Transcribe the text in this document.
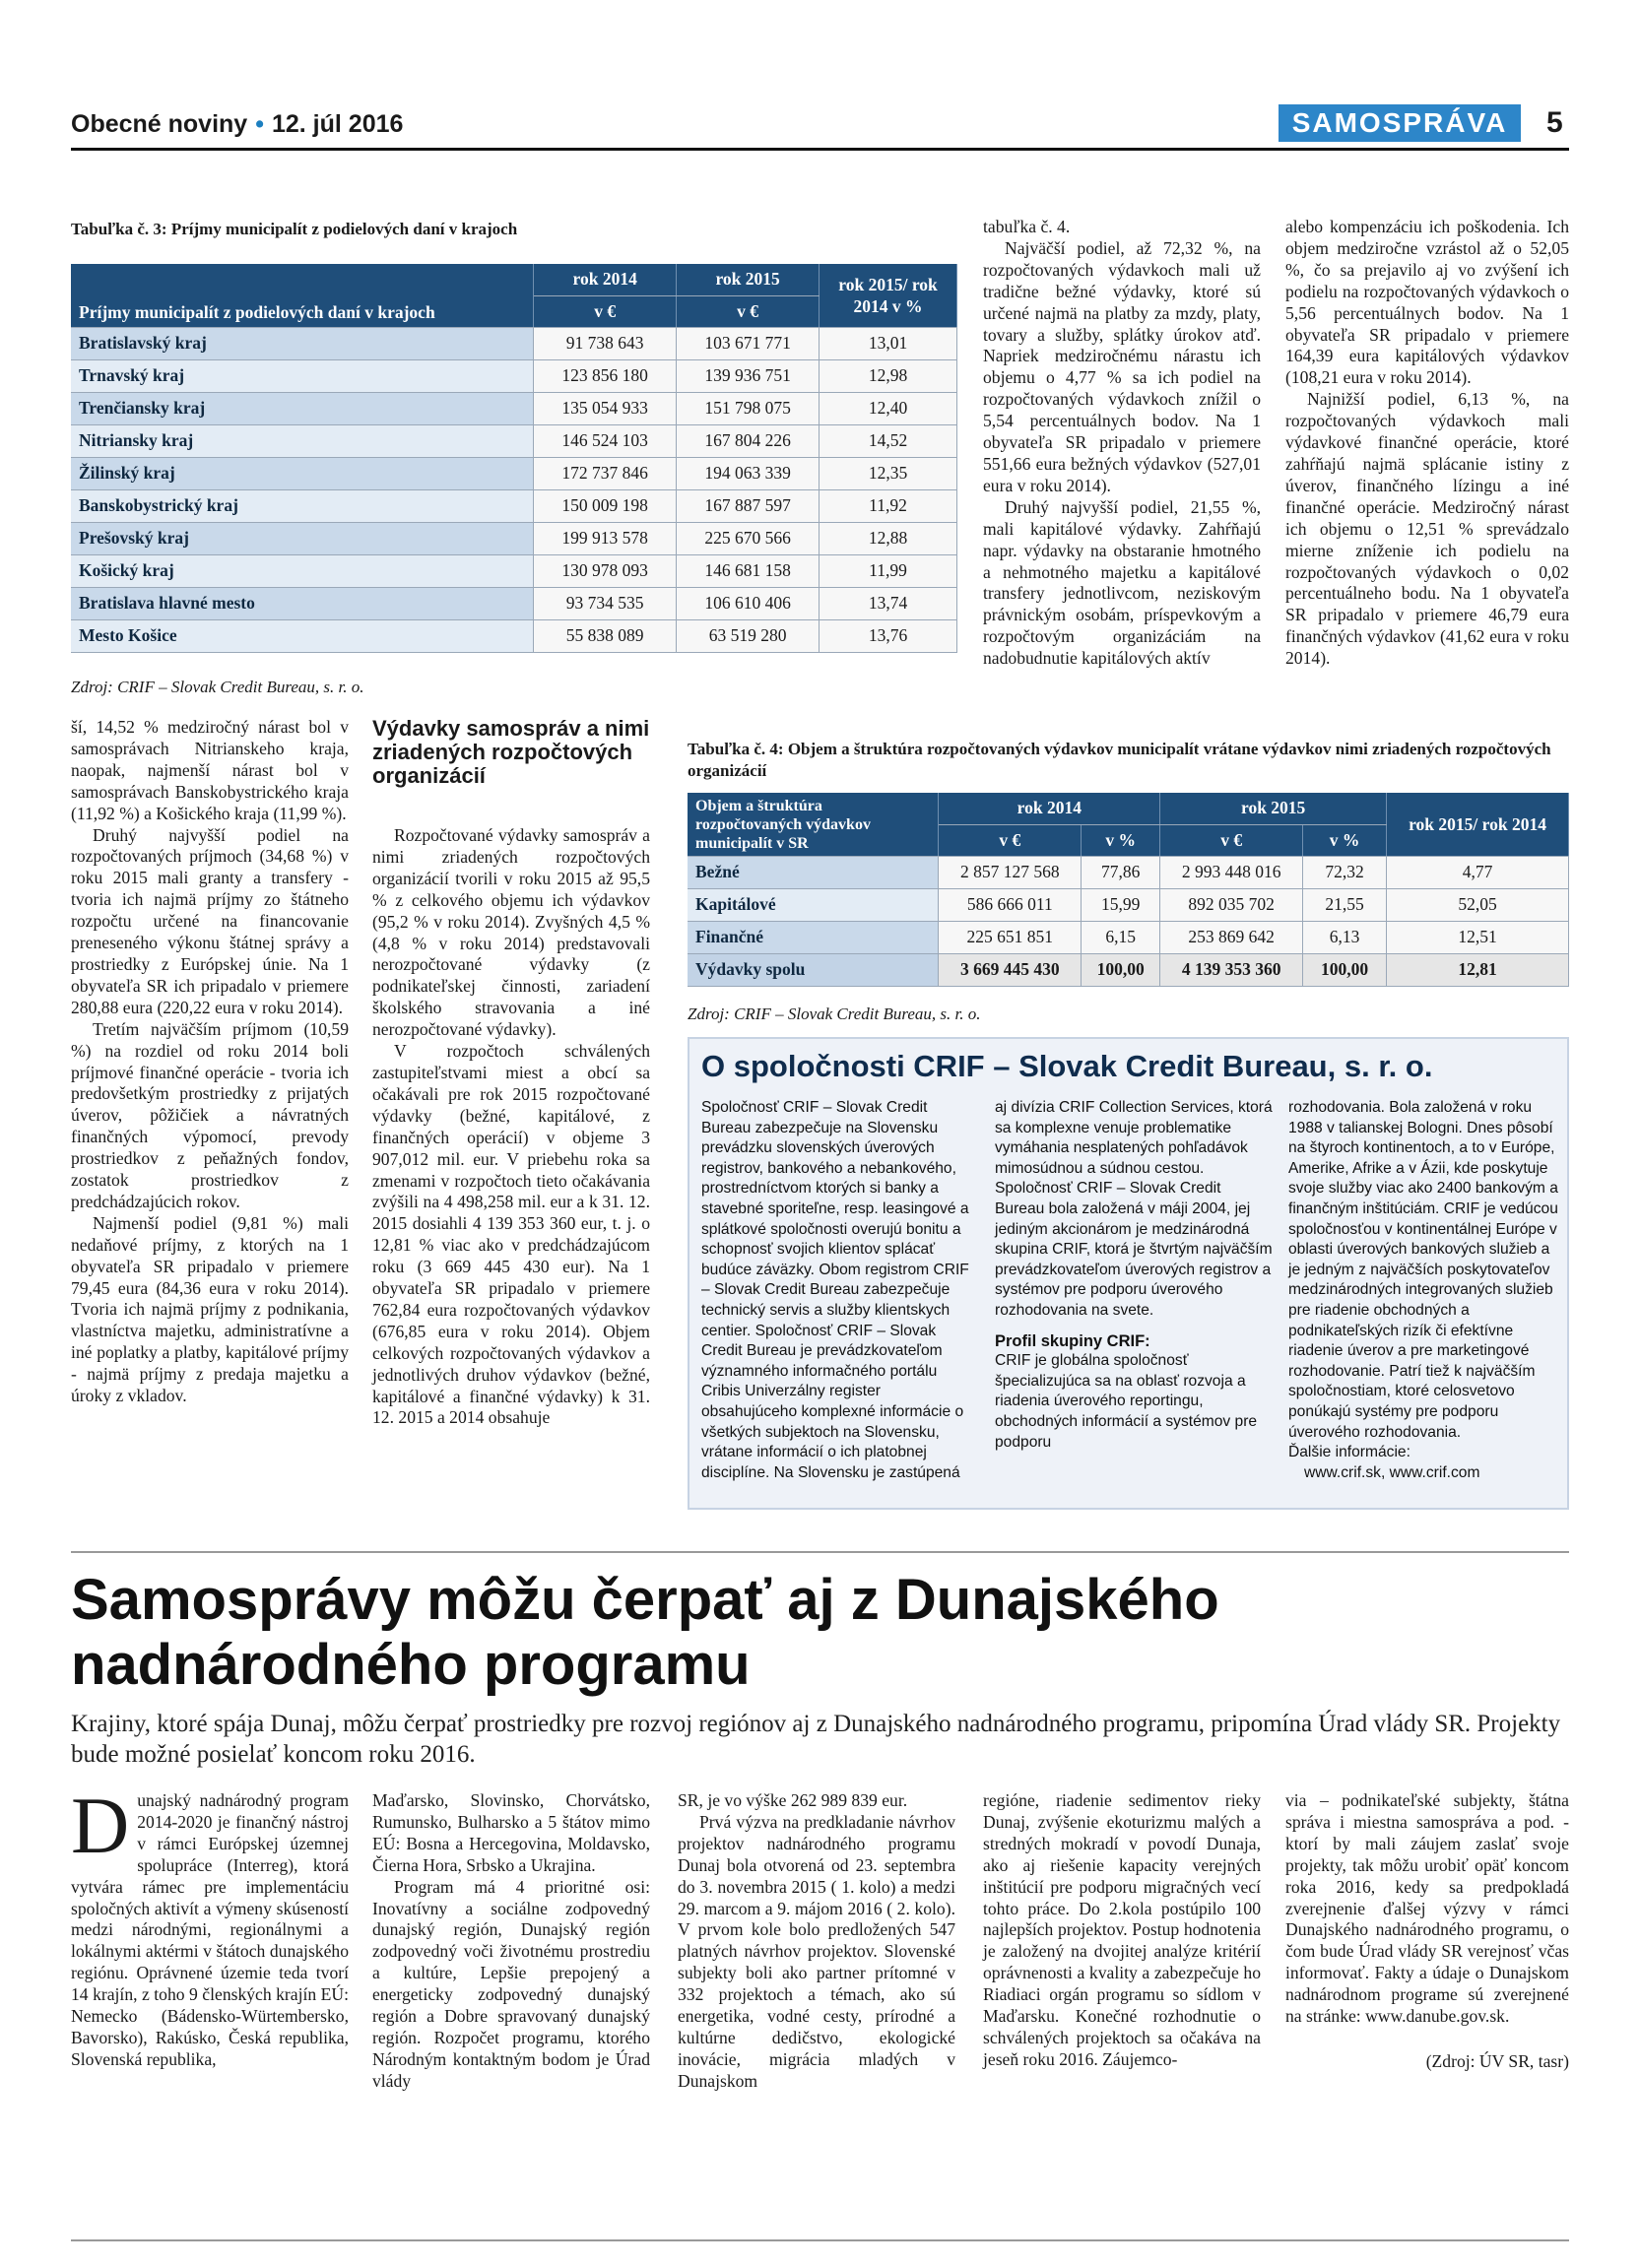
Obecné noviny • 12. júl 2016	SAMOSPRÁVA	5
Tabuľka č. 3: Príjmy municipalít z podielových daní v krajoch
Príjmy municipalít z podielových daní v krajoch	rok 2014	rok 2015	rok 2015/ rok 2014 v %
	v €	v €	
Bratislavský kraj	91 738 643	103 671 771	13,01
Trnavský kraj	123 856 180	139 936 751	12,98
Trenčiansky kraj	135 054 933	151 798 075	12,40
Nitriansky kraj	146 524 103	167 804 226	14,52
Žilinský kraj	172 737 846	194 063 339	12,35
Banskobystrický kraj	150 009 198	167 887 597	11,92
Prešovský kraj	199 913 578	225 670 566	12,88
Košický kraj	130 978 093	146 681 158	11,99
Bratislava hlavné mesto	93 734 535	106 610 406	13,74
Mesto Košice	55 838 089	63 519 280	13,76
Zdroj: CRIF – Slovak Credit Bureau, s. r. o.

ší, 14,52 % medziročný nárast bol v samosprávach Nitrianskeho kraja, naopak, najmenší nárast bol v samosprávach Banskobystrického kraja (11,92 %) a Košického kraja (11,99 %).

Druhý najvyšší podiel na rozpočtovaných príjmoch (34,68 %) v roku 2015 mali granty a transfery - tvoria ich najmä príjmy zo štátneho rozpočtu určené na financovanie preneseného výkonu štátnej správy a prostriedky z Európskej únie. Na 1 obyvateľa SR ich pripadalo v priemere 280,88 eura (220,22 eura v roku 2014).

Tretím najväčším príjmom (10,59 %) na rozdiel od roku 2014 boli príjmové finančné operácie - tvoria ich predovšetkým prostriedky z prijatých úverov, pôžičiek a návratných finančných výpomocí, prevody prostriedkov z peňažných fondov, zostatok prostriedkov z predchádzajúcich rokov.

Najmenší podiel (9,81 %) mali nedaňové príjmy, z ktorých na 1 obyvateľa SR pripadalo v priemere 79,45 eura (84,36 eura v roku 2014). Tvoria ich najmä príjmy z podnikania, vlastníctva majetku, administratívne a iné poplatky a platby, kapitálové príjmy - najmä príjmy z predaja majetku a úroky z vkladov.

Výdavky samospráv a nimi zriadených rozpočtových organizácií

Rozpočtované výdavky samospráv a nimi zriadených rozpočtových organizácií tvorili v roku 2015 až 95,5 % z celkového objemu ich výdavkov (95,2 % v roku 2014). Zvyšných 4,5 % (4,8 % v roku 2014) predstavovali nerozpočtované výdavky (z podnikateľskej činnosti, zariadení školského stravovania a iné nerozpočtované výdavky).

V rozpočtoch schválených zastupiteľstvami miest a obcí sa očakávali pre rok 2015 rozpočtované výdavky (bežné, kapitálové, z finančných operácií) v objeme 3 907,012 mil. eur. V priebehu roka sa zmenami v rozpočtoch tieto očakávania zvýšili na 4 498,258 mil. eur a k 31. 12. 2015 dosiahli 4 139 353 360 eur, t. j. o 12,81 % viac ako v predchádzajúcom roku (3 669 445 430 eur). Na 1 obyvateľa SR pripadalo v priemere 762,84 eura rozpočtovaných výdavkov (676,85 eura v roku 2014). Objem celkových rozpočtovaných výdavkov a jednotlivých druhov výdavkov (bežné, kapitálové a finančné výdavky) k 31. 12. 2015 a 2014 obsahuje

tabuľka č. 4.

Najväčší podiel, až 72,32 %, na rozpočtovaných výdavkoch mali už tradične bežné výdavky, ktoré sú určené najmä na platby za mzdy, platy, tovary a služby, splátky úrokov atď. Napriek medziročnému nárastu ich objemu o 4,77 % sa ich podiel na rozpočtovaných výdavkoch znížil o 5,54 percentuálnych bodov. Na 1 obyvateľa SR pripadalo v priemere 551,66 eura bežných výdavkov (527,01 eura v roku 2014).

Druhý najvyšší podiel, 21,55 %, mali kapitálové výdavky. Zahŕňajú napr. výdavky na obstaranie hmotného a nehmotného majetku a kapitálové transfery jednotlivcom, neziskovým právnickým osobám, príspevkovým a rozpočtovým organizáciám na nadobudnutie kapitálových aktív

alebo kompenzáciu ich poškodenia. Ich objem medziročne vzrástol až o 52,05 %, čo sa prejavilo aj vo zvýšení ich podielu na rozpočtovaných výdavkoch o 5,56 percentuálnych bodov. Na 1 obyvateľa SR pripadalo v priemere 164,39 eura kapitálových výdavkov (108,21 eura v roku 2014).

Najnižší podiel, 6,13 %, na rozpočtovaných výdavkoch mali výdavkové finančné operácie, ktoré zahŕňajú najmä splácanie istiny z úverov, finančného lízingu a iné finančné operácie. Medziročný nárast ich objemu o 12,51 % sprevádzalo mierne zníženie ich podielu na rozpočtovaných výdavkoch o 0,02 percentuálneho bodu. Na 1 obyvateľa SR pripadalo v priemere 46,79 eura finančných výdavkov (41,62 eura v roku 2014).

Tabuľka č. 4: Objem a štruktúra rozpočtovaných výdavkov municipalít vrátane výdavkov nimi zriadených rozpočtových organizácií
Objem a štruktúra rozpočtovaných výdavkov municipalít v SR	rok 2014		rok 2015		rok 2015/ rok 2014
	v €	v %	v €	v %	
Bežné	2 857 127 568	77,86	2 993 448 016	72,32	4,77
Kapitálové	586 666 011	15,99	892 035 702	21,55	52,05
Finančné	225 651 851	6,15	253 869 642	6,13	12,51
Výdavky spolu	3 669 445 430	100,00	4 139 353 360	100,00	12,81
Zdroj: CRIF – Slovak Credit Bureau, s. r. o.
O spoločnosti CRIF – Slovak Credit Bureau, s. r. o.
Spoločnosť CRIF – Slovak Credit Bureau zabezpečuje na Slovensku prevádzku slovenských úverových registrov, bankového a nebankového, prostredníctvom ktorých si banky a stavebné sporiteľne, resp. leasingové a splátkové spoločnosti overujú bonitu a schopnosť svojich klientov splácať budúce záväzky. Obom registrom CRIF – Slovak Credit Bureau zabezpečuje technický servis a služby klientskych centier. Spoločnosť CRIF – Slovak Credit Bureau je prevádzkovateľom významného informačného portálu Cribis Univerzálny register obsahujúceho komplexné informácie o všetkých subjektoch na Slovensku, vrátane informácií o ich platobnej disciplíne. Na Slovensku je zastúpená
aj divízia CRIF Collection Services, ktorá sa komplexne venuje problematike vymáhania nesplatených pohľadávok mimosúdnou a súdnou cestou.
Spoločnosť CRIF – Slovak Credit Bureau bola založená v máji 2004, jej jediným akcionárom je medzinárodná skupina CRIF, ktorá je štvrtým najväčším prevádzkovateľom úverových registrov a systémov pre podporu úverového rozhodovania na svete.
Profil skupiny CRIF:
CRIF je globálna spoločnosť špecializujúca sa na oblasť rozvoja a riadenia úverového reportingu, obchodných informácií a systémov pre podporu
rozhodovania. Bola založená v roku 1988 v talianskej Bologni. Dnes pôsobí na štyroch kontinentoch, a to v Európe, Amerike, Afrike a v Ázii, kde poskytuje svoje služby viac ako 2400 bankovým a finančným inštitúciám. CRIF je vedúcou spoločnosťou v kontinentálnej Európe v oblasti úverových bankových služieb a je jedným z najväčších poskytovateľov medzinárodných integrovaných služieb pre riadenie obchodných a podnikateľských rizík či efektívne riadenie úverov a pre marketingové rozhodovanie. Patrí tiež k najväčším spoločnostiam, ktoré celosvetovo ponúkajú systémy pre podporu úverového rozhodovania.
Ďalšie informácie:
www.crif.sk, www.crif.com
Samosprávy môžu čerpať aj z Dunajského nadnárodného programu
Krajiny, ktoré spája Dunaj, môžu čerpať prostriedky pre rozvoj regiónov aj z Dunajského nadnárodného programu, pripomína Úrad vlády SR. Projekty bude možné posielať koncom roku 2016.
Dunajský nadnárodný program 2014-2020 je finančný nástroj v rámci Európskej územnej spolupráce (Interreg), ktorá vytvára rámec pre implementáciu spoločných aktivít a výmeny skúseností medzi národnými, regionálnymi a lokálnymi aktérmi v štátoch dunajského regiónu. Oprávnené územie teda tvorí 14 krajín, z toho 9 členských krajín EÚ: Nemecko (Bádensko-Würtembersko, Bavorsko), Rakúsko, Česká republika, Slovenská republika,

Maďarsko, Slovinsko, Chorvátsko, Rumunsko, Bulharsko a 5 štátov mimo EÚ: Bosna a Hercegovina, Moldavsko, Čierna Hora, Srbsko a Ukrajina.

Program má 4 prioritné osi: Inovatívny a sociálne zodpovedný dunajský región, Dunajský región zodpovedný voči životnému prostrediu a kultúre, Lepšie prepojený a energeticky zodpovedný dunajský región a Dobre spravovaný dunajský región. Rozpočet programu, ktorého Národným kontaktným bodom je Úrad vlády

SR, je vo výške 262 989 839 eur.

Prvá výzva na predkladanie návrhov projektov nadnárodného programu Dunaj bola otvorená od 23. septembra do 3. novembra 2015 ( 1. kolo) a medzi 29. marcom a 9. májom 2016 ( 2. kolo). V prvom kole bolo predložených 547 platných návrhov projektov. Slovenské subjekty boli ako partner prítomné v 332 projektoch a témach, ako sú energetika, vodné cesty, prírodné a kultúrne dedičstvo, ekologické inovácie, migrácia mladých v Dunajskom

regióne, riadenie sedimentov rieky Dunaj, zvýšenie ekoturizmu malých a stredných mokradí v povodí Dunaja, ako aj riešenie kapacity verejných inštitúcií pre podporu migračných vecí tohto práce. Do 2.kola postúpilo 100 najlepších projektov. Postup hodnotenia je založený na dvojitej analýze kritérií oprávnenosti a kvality a zabezpečuje ho Riadiaci orgán programu so sídlom v Maďarsku. Konečné rozhodnutie o schválených projektoch sa očakáva na jeseň roku 2016. Záujemco-

via – podnikateľské subjekty, štátna správa i miestna samospráva a pod. - ktorí by mali záujem zaslať svoje projekty, tak môžu urobiť opäť koncom roka 2016, kedy sa predpokladá zverejnenie ďalšej výzvy v rámci Dunajského nadnárodného programu, o čom bude Úrad vlády SR verejnosť včas informovať. Fakty a údaje o Dunajskom nadnárodnom programe sú zverejnené na stránke: www.danube.gov.sk.

(Zdroj: ÚV SR, tasr)
